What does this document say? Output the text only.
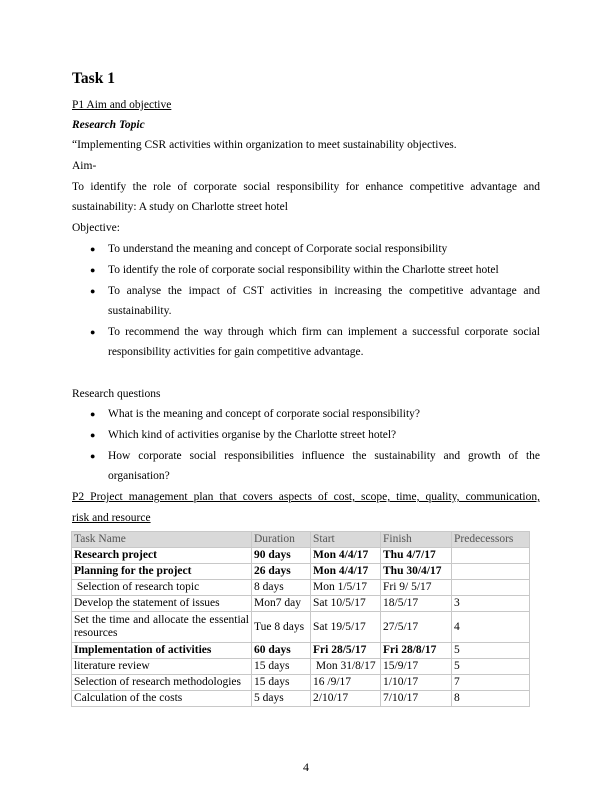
Task 1
P1 Aim and objective
Research Topic
“Implementing CSR activities within organization to meet sustainability objectives.
Aim-
To identify the role of corporate social responsibility for enhance competitive advantage and
sustainability: A study on Charlotte street hotel
Objective:
● To understand the meaning and concept of Corporate social responsibility
● To identify the role of corporate social responsibility within the Charlotte street hotel
● To analyse the impact of CST activities in increasing the competitive advantage and
sustainability.
● To recommend the way through which firm can implement a successful corporate social
responsibility activities for gain competitive advantage.
Research questions
● What is the meaning and concept of corporate social responsibility?
● Which kind of activities organise by the Charlotte street hotel?
● How corporate social responsibilities influence the sustainability and growth of the
organisation?
P2 Project management plan that covers aspects of cost, scope, time, quality, communication,
risk and resource
Task Name	Duration	Start	Finish	Predecessors
Research project	90 days	Mon 4/4/17	Thu 4/7/17	
Planning for the project	26 days	Mon 4/4/17	Thu 30/4/17	
Selection of research topic	8 days	Mon 1/5/17	Fri 9/ 5/17	
Develop the statement of issues	Mon7 day	Sat 10/5/17	18/5/17	3
Set the time and allocate the essential resources	Tue 8 days	Sat 19/5/17	27/5/17	4
Implementation of activities	60 days	Fri 28/5/17	Fri 28/8/17	5
literature review	15 days	Mon 31/8/17	15/9/17	5
Selection of research methodologies	15 days	16 /9/17	1/10/17	7
Calculation of the costs	5 days	2/10/17	7/10/17	8
4
